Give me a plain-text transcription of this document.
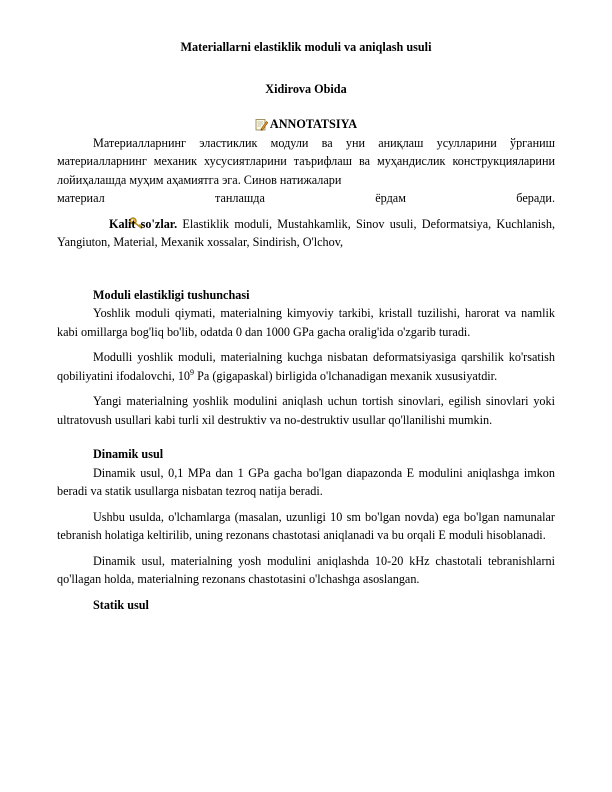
Materiallarni elastiklik moduli va aniqlash usuli
Xidirova Obida
ANNOTATSIYA

Материалларнинг эластиклик модули ва уни аниқлаш усулларини ўрганиш материалларнинг механик хусусиятларини таърифлаш ва муҳандислик конструкцияларини лойиҳалашда муҳим аҳамиятга эга. Синов натижалари

материал танлашда ёрдам беради.

Kalit so'zlar. Elastiklik moduli, Mustahkamlik, Sinov usuli, Deformatsiya, Kuchlanish, Yangiuton, Material, Mexanik xossalar, Sindirish, O'lchov,

Moduli elastikligi tushunchasi

Yoshlik moduli qiymati, materialning kimyoviy tarkibi, kristall tuzilishi, harorat va namlik kabi omillarga bog'liq bo'lib, odatda 0 dan 1000 GPa gacha oralig'ida o'zgarib turadi.

Modulli yoshlik moduli, materialning kuchga nisbatan deformatsiyasiga qarshilik ko'rsatish qobiliyatini ifodalovchi, $10^9$ Pa (gigapaskal) birligida o'lchanadigan mexanik xususiyatdir.

Yangi materialning yoshlik modulini aniqlash uchun tortish sinovlari, egilish sinovlari yoki ultratovush usullari kabi turli xil destruktiv va no-destruktiv usullar qo'llanilishi mumkin.

Dinamik usul

Dinamik usul, 0,1 MPa dan 1 GPa gacha bo'lgan diapazonda E modulini aniqlashga imkon beradi va statik usullarga nisbatan tezroq natija beradi.

Ushbu usulda, o'lchamlarga (masalan, uzunligi 10 sm bo'lgan novda) ega bo'lgan namunalar tebranish holatiga keltirilib, uning rezonans chastotasi aniqlanadi va bu orqali E moduli hisoblanadi.

Dinamik usul, materialning yosh modulini aniqlashda 10-20 kHz chastotali tebranishlarni qo'llagan holda, materialning rezonans chastotasini o'lchashga asoslangan.

Statik usul
